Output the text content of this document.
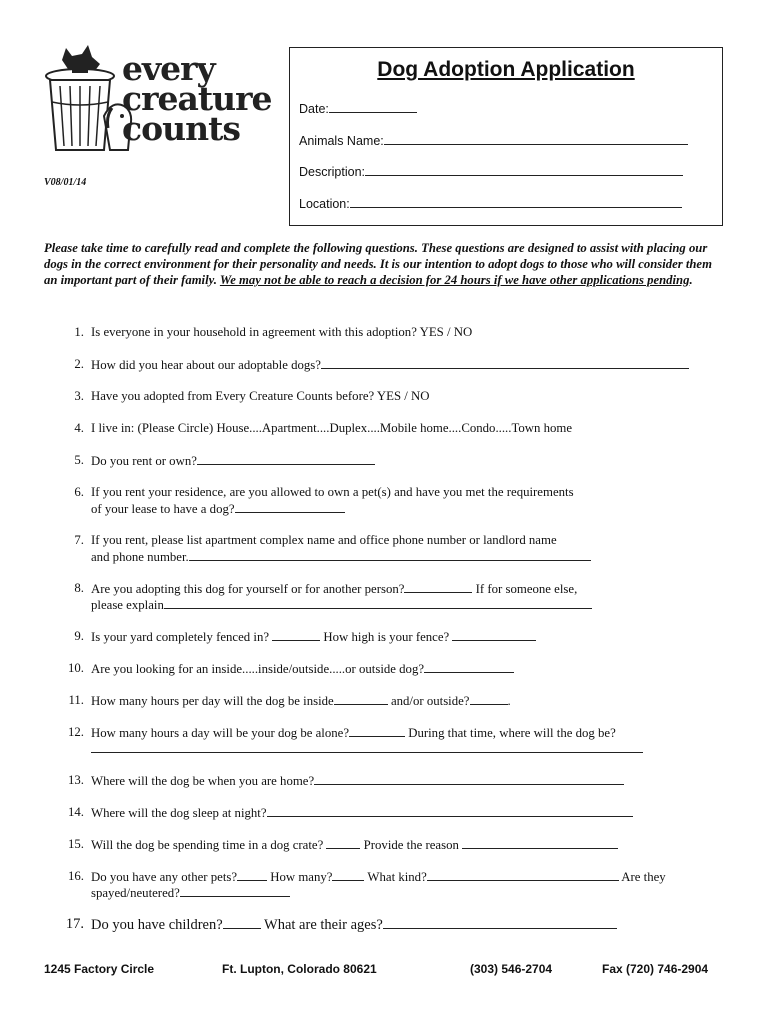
every creature counts
V08/01/14
Dog Adoption Application
Date:
Animals Name:
Description:
Location:
Please take time to carefully read and complete the following questions. These questions are designed to assist with placing our dogs in the correct environment for their personality and needs. It is our intention to adopt dogs to those who will consider them an important part of their family. We may not be able to reach a decision for 24 hours if we have other applications pending.
1. Is everyone in your household in agreement with this adoption? YES / NO
2. How did you hear about our adoptable dogs?
3. Have you adopted from Every Creature Counts before? YES / NO
4. I live in: (Please Circle) House....Apartment....Duplex....Mobile home....Condo.....Town home
5. Do you rent or own?
6. If you rent your residence, are you allowed to own a pet(s) and have you met the requirements
of your lease to have a dog?
7. If you rent, please list apartment complex name and office phone number or landlord name
and phone number.
8. Are you adopting this dog for yourself or for another person?	If for someone else,
please explain
9. Is your yard completely fenced in?	How high is your fence?
10. Are you looking for an inside.....inside/outside.....or outside dog?
11. How many hours per day will the dog be inside	and/or outside?	.
12. How many hours a day will be your dog be alone?	During that time, where will the dog be?
13. Where will the dog be when you are home?
14. Where will the dog sleep at night?
15. Will the dog be spending time in a dog crate?	Provide the reason
16. Do you have any other pets? How many?	What kind?	Are they
spayed/neutered?
17. Do you have children?	What are their ages?
1245 Factory Circle	Ft. Lupton, Colorado 80621	(303) 546-2704	Fax (720) 746-2904
